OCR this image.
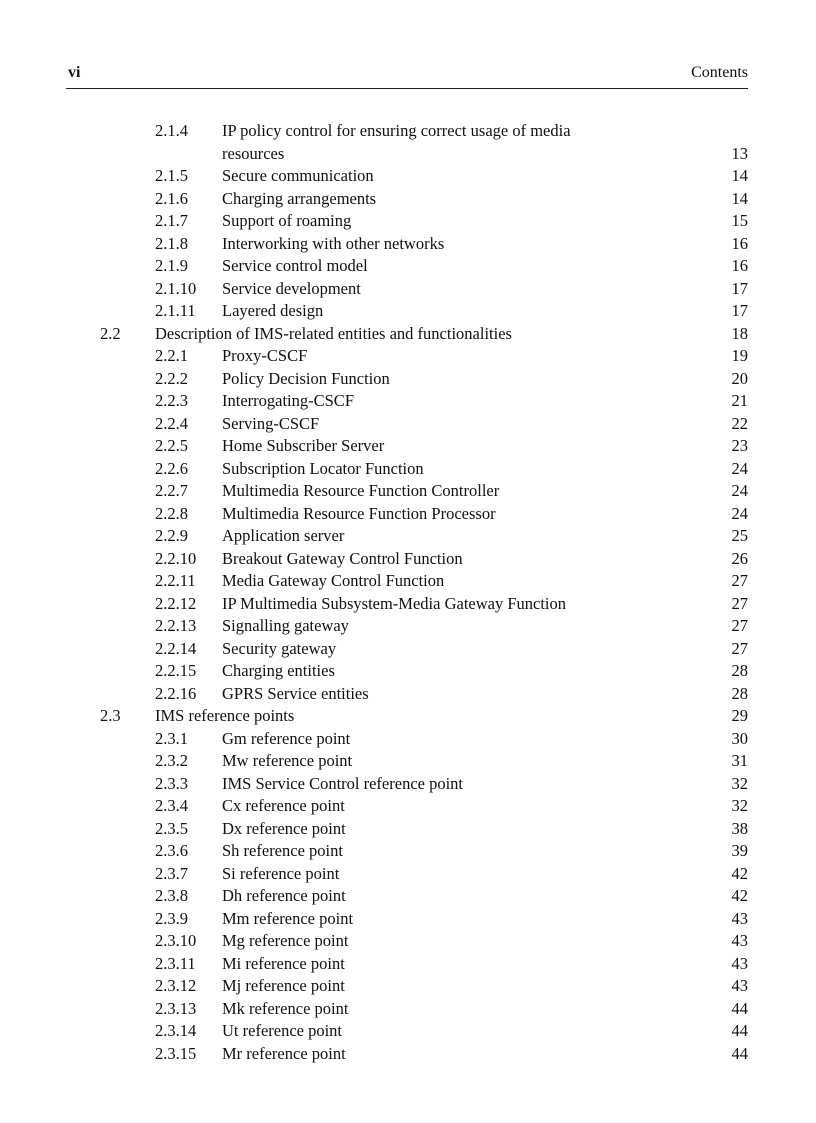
vi	Contents
2.1.4 IP policy control for ensuring correct usage of media
resources	13
2.1.5 Secure communication	14
2.1.6 Charging arrangements	14
2.1.7 Support of roaming	15
2.1.8 Interworking with other networks	16
2.1.9 Service control model	16
2.1.10 Service development	17
2.1.11 Layered design	17
2.2 Description of IMS-related entities and functionalities	18
2.2.1 Proxy-CSCF	19
2.2.2 Policy Decision Function	20
2.2.3 Interrogating-CSCF	21
2.2.4 Serving-CSCF	22
2.2.5 Home Subscriber Server	23
2.2.6 Subscription Locator Function	24
2.2.7 Multimedia Resource Function Controller	24
2.2.8 Multimedia Resource Function Processor	24
2.2.9 Application server	25
2.2.10 Breakout Gateway Control Function	26
2.2.11 Media Gateway Control Function	27
2.2.12 IP Multimedia Subsystem-Media Gateway Function	27
2.2.13 Signalling gateway	27
2.2.14 Security gateway	27
2.2.15 Charging entities	28
2.2.16 GPRS Service entities	28
2.3 IMS reference points	29
2.3.1 Gm reference point	30
2.3.2 Mw reference point	31
2.3.3 IMS Service Control reference point	32
2.3.4 Cx reference point	32
2.3.5 Dx reference point	38
2.3.6 Sh reference point	39
2.3.7 Si reference point	42
2.3.8 Dh reference point	42
2.3.9 Mm reference point	43
2.3.10 Mg reference point	43
2.3.11 Mi reference point	43
2.3.12 Mj reference point	43
2.3.13 Mk reference point	44
2.3.14 Ut reference point	44
2.3.15 Mr reference point	44
